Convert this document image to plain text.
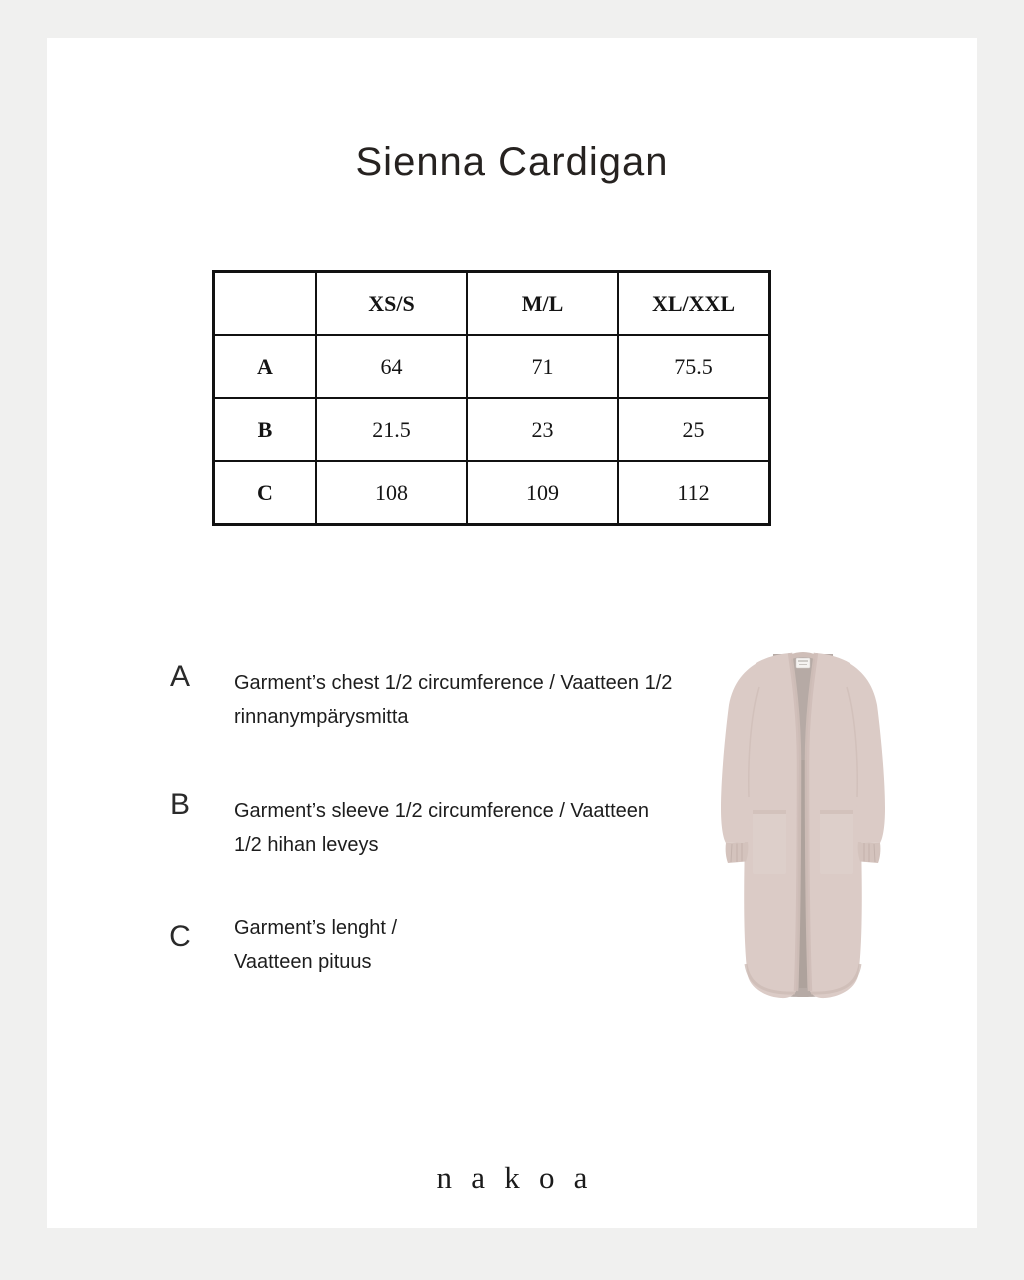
Sienna Cardigan
	XS/S	M/L	XL/XXL
A	64	71	75.5
B	21.5	23	25
C	108	109	112
A	Garment’s chest 1/2 circumference / Vaatteen 1/2
rinnanympärysmitta
B	Garment’s sleeve 1/2 circumference / Vaatteen
1/2 hihan leveys
C	Garment’s lenght /
Vaatteen pituus
nakoa
